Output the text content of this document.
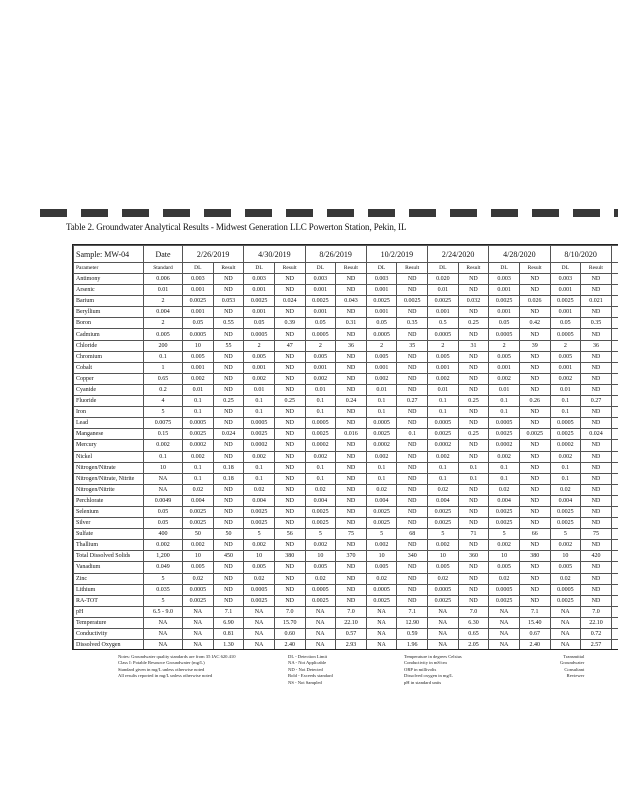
Table 2. Groundwater Analytical Results - Midwest Generation LLC Powerton Station, Pekin, IL
Sample: MW-04	Date	2/26/2019		4/30/2019		8/26/2019		10/2/2019		2/24/2020		4/28/2020		8/10/2020	
Parameter	Standard	DL	Result	DL	Result	DL	Result	DL	Result	DL	Result	DL	Result	DL	Result		
Antimony	0.006	0.003	ND	0.003	ND	0.003	ND	0.003	ND	0.020	ND	0.003	ND	0.003	ND		
Arsenic	0.01	0.001	ND	0.001	ND	0.001	ND	0.001	ND	0.01	ND	0.001	ND	0.001	ND		
Barium	2	0.0025	0.053	0.0025	0.024	0.0025	0.043	0.0025	0.0025	0.0025	0.032	0.0025	0.026	0.0025	0.021		
Beryllium	0.004	0.001	ND	0.001	ND	0.001	ND	0.001	ND	0.001	ND	0.001	ND	0.001	ND		
Boron	2	0.05	0.55	0.05	0.39	0.05	0.31	0.05	0.35	0.5	0.25	0.05	0.42	0.05	0.35		
Cadmium	0.005	0.0005	ND	0.0005	ND	0.0005	ND	0.0005	ND	0.0005	ND	0.0005	ND	0.0005	ND		
Chloride	200	10	55	2	47	2	36	2	35	2	31	2	39	2	36		
Chromium	0.1	0.005	ND	0.005	ND	0.005	ND	0.005	ND	0.005	ND	0.005	ND	0.005	ND		
Cobalt	1	0.001	ND	0.001	ND	0.001	ND	0.001	ND	0.001	ND	0.001	ND	0.001	ND		
Copper	0.65	0.002	ND	0.002	ND	0.002	ND	0.002	ND	0.002	ND	0.002	ND	0.002	ND		
Cyanide	0.2	0.01	ND	0.01	ND	0.01	ND	0.01	ND	0.01	ND	0.01	ND	0.01	ND		
Fluoride	4	0.1	0.25	0.1	0.25	0.1	0.24	0.1	0.27	0.1	0.25	0.1	0.26	0.1	0.27		
Iron	5	0.1	ND	0.1	ND	0.1	ND	0.1	ND	0.1	ND	0.1	ND	0.1	ND		
Lead	0.0075	0.0005	ND	0.0005	ND	0.0005	ND	0.0005	ND	0.0005	ND	0.0005	ND	0.0005	ND		
Manganese	0.15	0.0025	0.024	0.0025	ND	0.0025	0.016	0.0025	0.1	0.0025	0.25	0.0025	0.0025	0.0025	0.024		
Mercury	0.002	0.0002	ND	0.0002	ND	0.0002	ND	0.0002	ND	0.0002	ND	0.0002	ND	0.0002	ND		
Nickel	0.1	0.002	ND	0.002	ND	0.002	ND	0.002	ND	0.002	ND	0.002	ND	0.002	ND		
Nitrogen/Nitrate	10	0.1	0.18	0.1	ND	0.1	ND	0.1	ND	0.1	0.1	0.1	ND	0.1	ND		
Nitrogen/Nitrate, Nitrite	NA	0.1	0.18	0.1	ND	0.1	ND	0.1	ND	0.1	0.1	0.1	ND	0.1	ND		
Nitrogen/Nitrite	NA	0.02	ND	0.02	ND	0.02	ND	0.02	ND	0.02	ND	0.02	ND	0.02	ND		
Perchlorate	0.0049	0.004	ND	0.004	ND	0.004	ND	0.004	ND	0.004	ND	0.004	ND	0.004	ND		
Selenium	0.05	0.0025	ND	0.0025	ND	0.0025	ND	0.0025	ND	0.0025	ND	0.0025	ND	0.0025	ND		
Silver	0.05	0.0025	ND	0.0025	ND	0.0025	ND	0.0025	ND	0.0025	ND	0.0025	ND	0.0025	ND		
Sulfate	400	50	50	5	56	5	75	5	68	5	71	5	66	5	75		
Thallium	0.002	0.002	ND	0.002	ND	0.002	ND	0.002	ND	0.002	ND	0.002	ND	0.002	ND		
Total Dissolved Solids	1,200	10	450	10	380	10	370	10	340	10	360	10	380	10	420		
Vanadium	0.049	0.005	ND	0.005	ND	0.005	ND	0.005	ND	0.005	ND	0.005	ND	0.005	ND		
Zinc	5	0.02	ND	0.02	ND	0.02	ND	0.02	ND	0.02	ND	0.02	ND	0.02	ND		
Lithium	0.035	0.0005	ND	0.0005	ND	0.0005	ND	0.0005	ND	0.0005	ND	0.0005	ND	0.0005	ND		
RA-TOT	5	0.0025	ND	0.0025	ND	0.0025	ND	0.0025	ND	0.0025	ND	0.0025	ND	0.0025	ND		
pH	6.5 - 9.0	NA	7.1	NA	7.0	NA	7.0	NA	7.1	NA	7.0	NA	7.1	NA	7.0		
Temperature	NA	NA	6.90	NA	15.70	NA	22.10	NA	12.90	NA	6.30	NA	15.40	NA	22.10		
Conductivity	NA	NA	0.81	NA	0.60	NA	0.57	NA	0.59	NA	0.65	NA	0.67	NA	0.72		
Dissolved Oxygen	NA	NA	1.30	NA	2.40	NA	2.93	NA	1.96	NA	2.05	NA	2.40	NA	2.57		

Notes: Groundwater quality standards are from 35 IAC 620.410
Class I: Potable Resource Groundwater (mg/L)
Standard given in mg/L unless otherwise noted
All results reported in mg/L unless otherwise noted
DL - Detection Limit
NA - Not Applicable
ND - Not Detected
Bold - Exceeds standard
NS - Not Sampled
Temperature in degrees Celsius
Conductivity in mS/cm
ORP in millivolts
Dissolved oxygen in mg/L
pH in standard units
Transmittal
Groundwater
Consultant
Reviewer
